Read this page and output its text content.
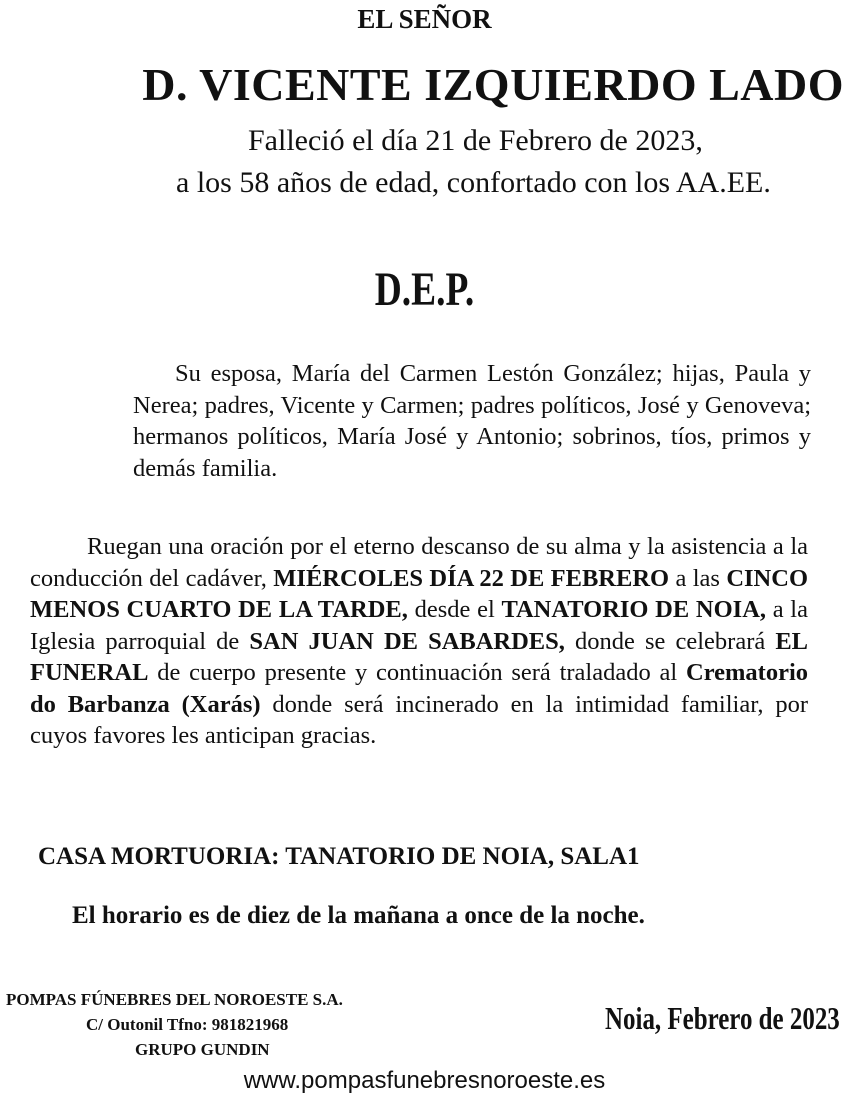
EL SEÑOR
D. VICENTE IZQUIERDO LADO
Falleció el día 21 de Febrero de 2023,
a los 58 años de edad, confortado con los AA.EE.
D.E.P.
Su esposa, María del Carmen Lestón González; hijas, Paula y Nerea; padres, Vicente y Carmen; padres políticos, José y Genoveva; hermanos políticos, María José y Antonio; sobrinos, tíos, primos y demás familia.
Ruegan una oración por el eterno descanso de su alma y la asistencia a la conducción del cadáver, MIÉRCOLES DÍA 22 DE FEBRERO a las CINCO MENOS CUARTO DE LA TARDE, desde el TANATORIO DE NOIA, a la Iglesia parroquial de SAN JUAN DE SABARDES, donde se celebrará EL FUNERAL de cuerpo presente y continuación será traladado al Crematorio do Barbanza (Xarás) donde será incinerado en la intimidad familiar, por cuyos favores les anticipan gracias.
CASA MORTUORIA: TANATORIO DE NOIA, SALA1
El horario es de diez de la mañana a once de la noche.
POMPAS FÚNEBRES DEL NOROESTE S.A.
C/ Outonil Tfno: 981821968
GRUPO GUNDIN
Noia, Febrero de 2023
www.pompasfunebresnoroeste.es
